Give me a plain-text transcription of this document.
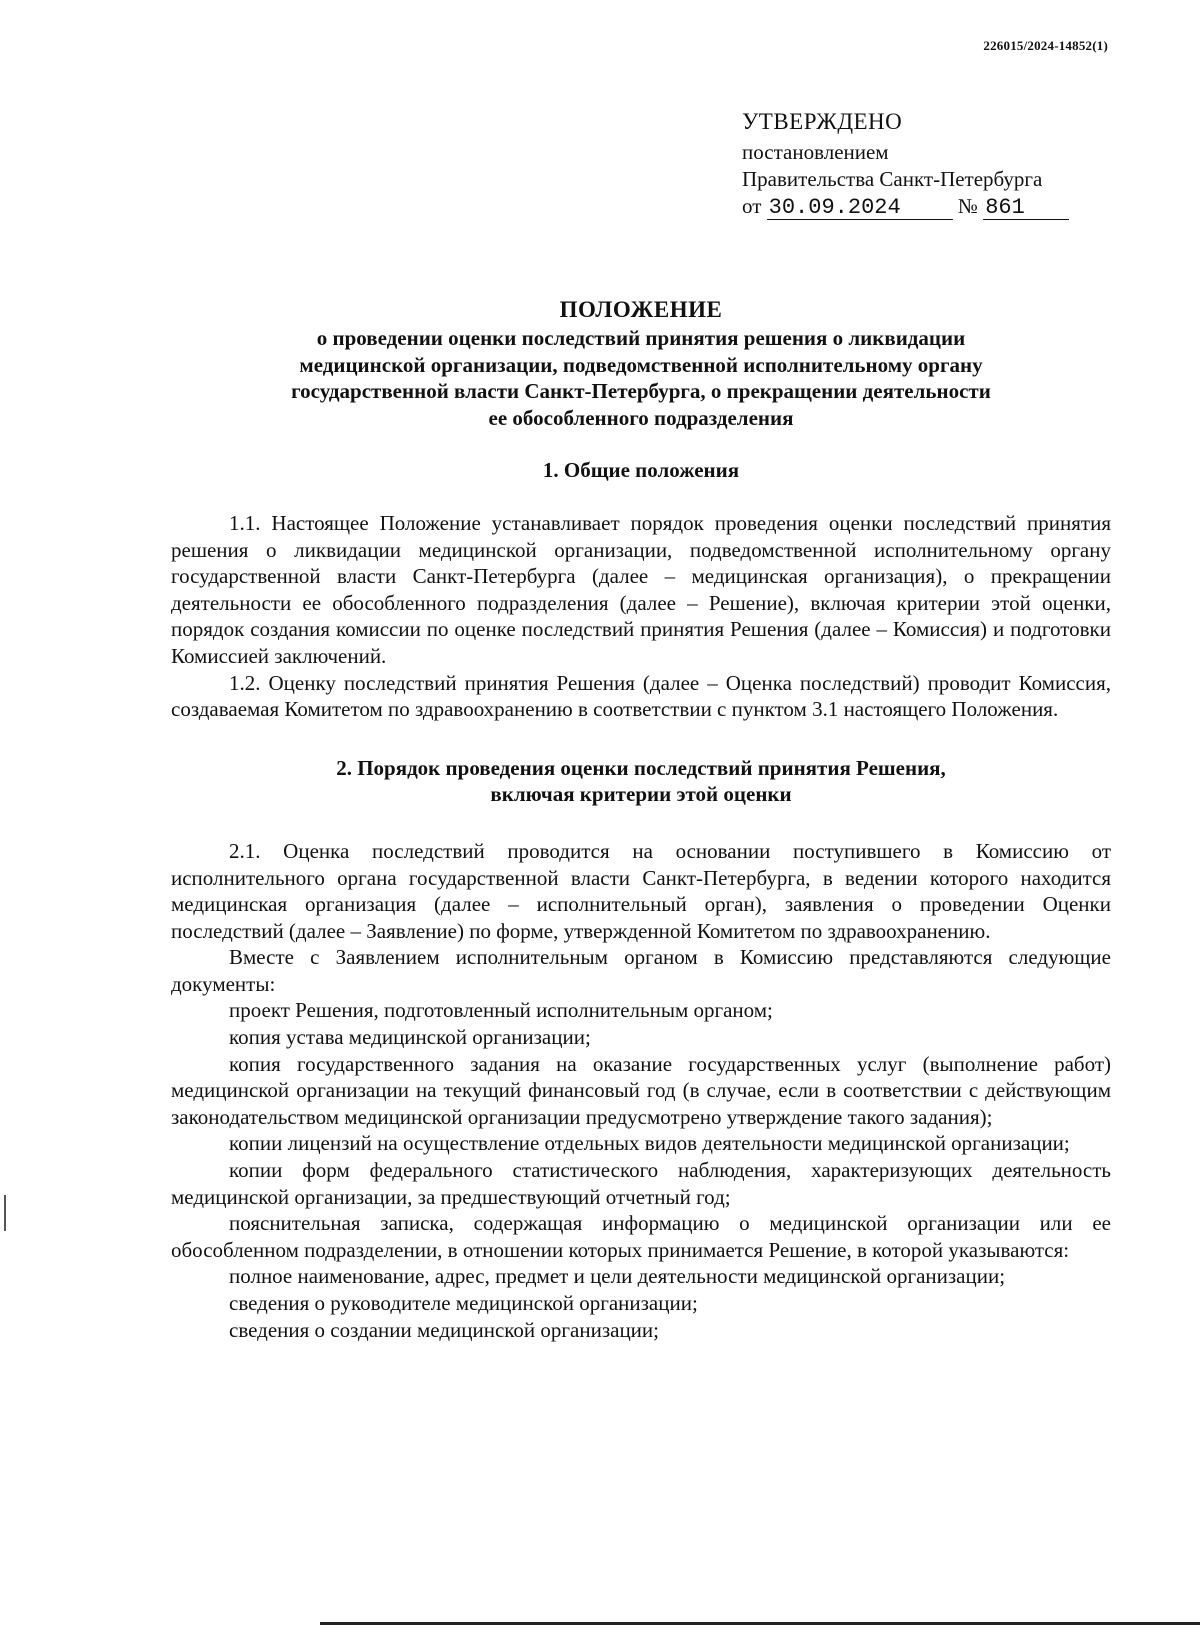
226015/2024-14852(1)
УТВЕРЖДЕНО
постановлением
Правительства Санкт-Петербурга
от 30.09.2024	№ 861
ПОЛОЖЕНИЕ
о проведении оценки последствий принятия решения о ликвидации
медицинской организации, подведомственной исполнительному органу
государственной власти Санкт-Петербурга, о прекращении деятельности
ее обособленного подразделения
1. Общие положения

1.1. Настоящее Положение устанавливает порядок проведения оценки последствий принятия решения о ликвидации медицинской организации, подведомственной исполнительному органу государственной власти Санкт-Петербурга (далее – медицинская организация), о прекращении деятельности ее обособленного подразделения (далее – Решение), включая критерии этой оценки, порядок создания комиссии по оценке последствий принятия Решения (далее – Комиссия) и подготовки Комиссией заключений.

1.2. Оценку последствий принятия Решения (далее – Оценка последствий) проводит Комиссия, создаваемая Комитетом по здравоохранению в соответствии с пунктом 3.1 настоящего Положения.

2. Порядок проведения оценки последствий принятия Решения,
включая критерии этой оценки

2.1. Оценка последствий проводится на основании поступившего в Комиссию от исполнительного органа государственной власти Санкт-Петербурга, в ведении которого находится медицинская организация (далее – исполнительный орган), заявления о проведении Оценки последствий (далее – Заявление) по форме, утвержденной Комитетом по здравоохранению.

Вместе с Заявлением исполнительным органом в Комиссию представляются следующие документы:

проект Решения, подготовленный исполнительным органом;

копия устава медицинской организации;

копия государственного задания на оказание государственных услуг (выполнение работ) медицинской организации на текущий финансовый год (в случае, если в соответствии с действующим законодательством медицинской организации предусмотрено утверждение такого задания);

копии лицензий на осуществление отдельных видов деятельности медицинской организации;

копии форм федерального статистического наблюдения, характеризующих деятельность медицинской организации, за предшествующий отчетный год;

пояснительная записка, содержащая информацию о медицинской организации или ее обособленном подразделении, в отношении которых принимается Решение, в которой указываются:

полное наименование, адрес, предмет и цели деятельности медицинской организации;

сведения о руководителе медицинской организации;

сведения о создании медицинской организации;
